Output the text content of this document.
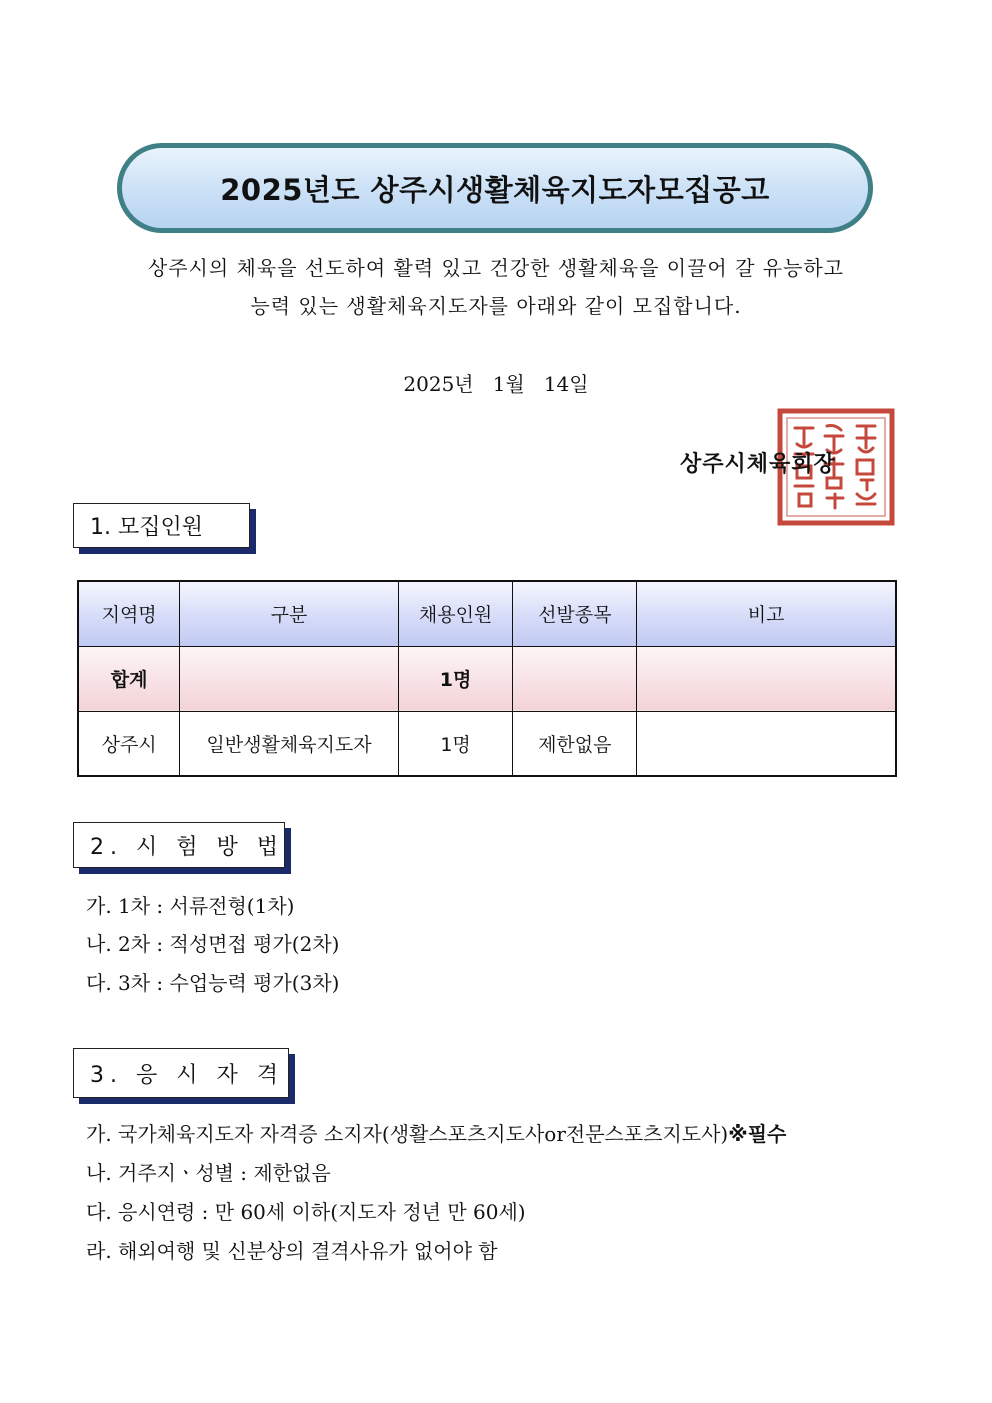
2025년도 상주시생활체육지도자모집공고
상주시의 체육을 선도하여 활력 있고 건강한 생활체육을 이끌어 갈 유능하고
능력 있는 생활체육지도자를 아래와 같이 모집합니다.
2025년   1월   14일
상주시체육회장
1. 모집인원
지역명	구분	채용인원	선발종목	비고
합계		1명		
상주시	일반생활체육지도자	1명	제한없음	
2. 시 험 방 법
가. 1차 : 서류전형(1차)
나. 2차 : 적성면접 평가(2차)
다. 3차 : 수업능력 평가(3차)
3. 응 시 자 격
가. 국가체육지도자 자격증 소지자(생활스포츠지도사or전문스포츠지도사)※필수
나. 거주지ㆍ성별 : 제한없음
다. 응시연령 : 만 60세 이하(지도자 정년 만 60세)
라. 해외여행 및 신분상의 결격사유가 없어야 함
